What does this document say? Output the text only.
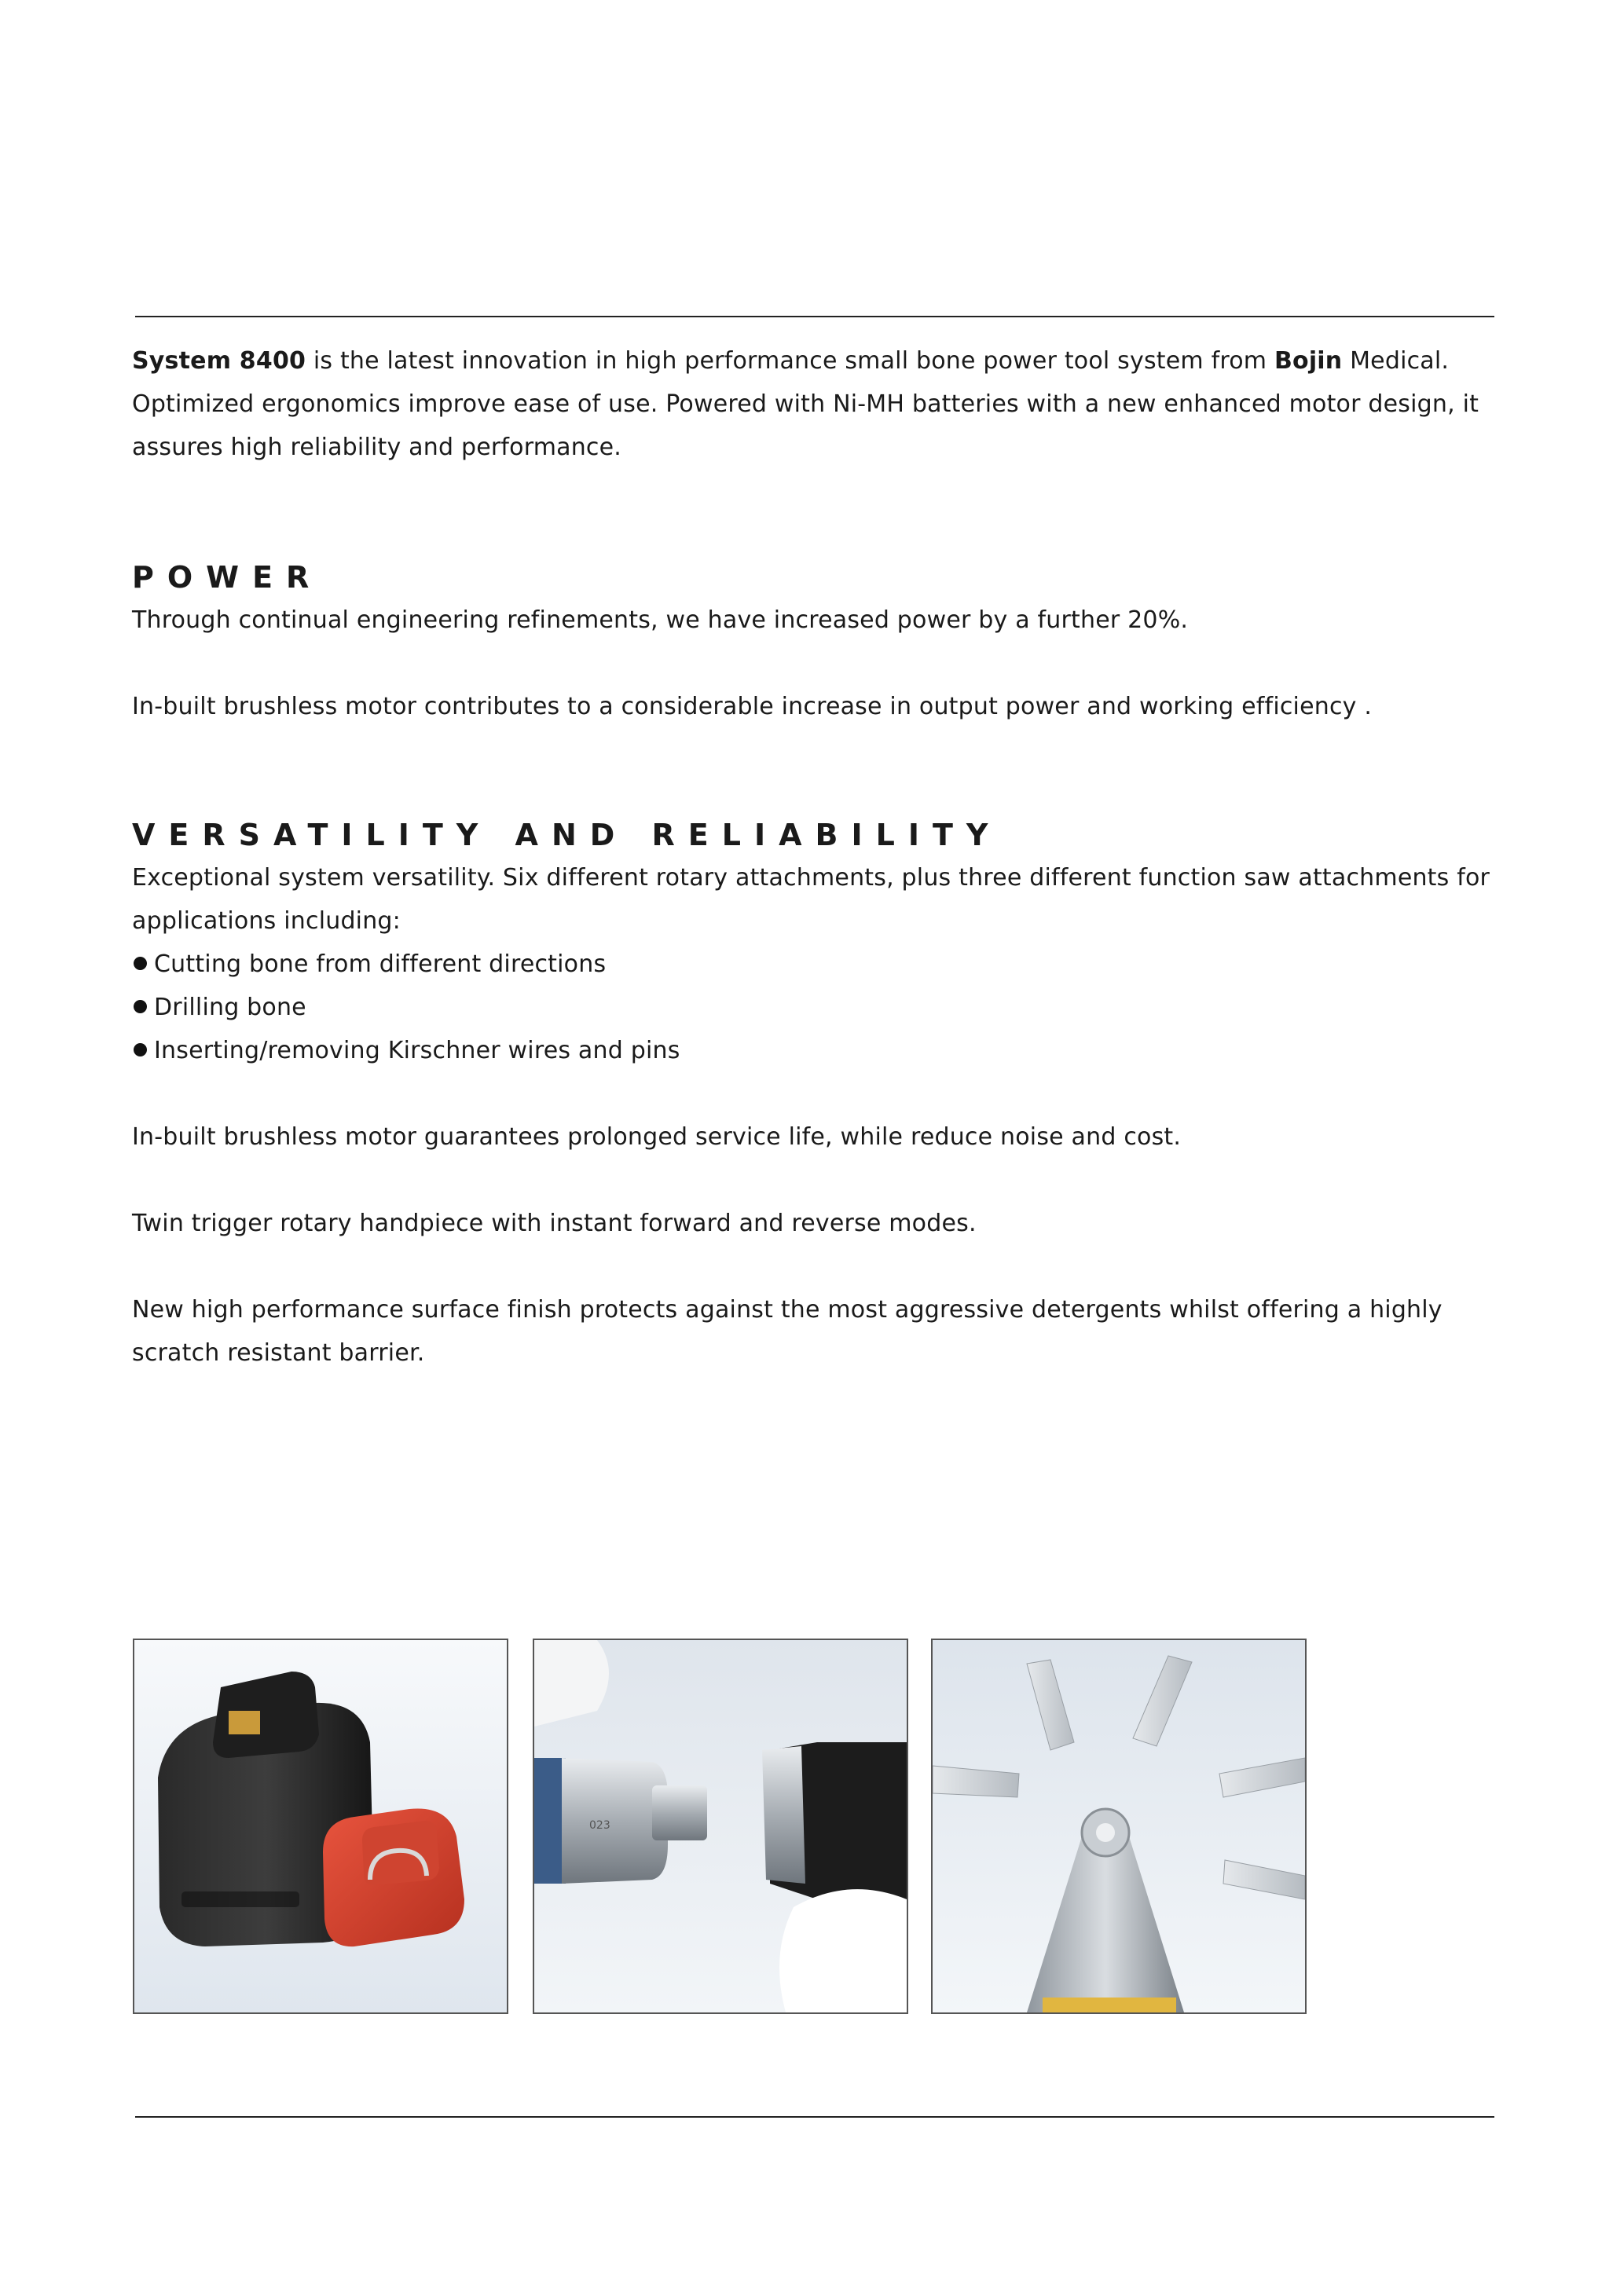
System 8400 is the latest innovation in high performance small bone power tool system from Bojin Medical. Optimized ergonomics improve ease of use. Powered with Ni-MH batteries with a new enhanced motor design, it assures high reliability and performance.

POWER

Through continual engineering refinements, we have increased power by a further 20%.

In-built brushless motor contributes to a considerable increase in output power and working efficiency .

VERSATILITY AND RELIABILITY

Exceptional system versatility. Six different rotary attachments, plus three different function saw attachments for applications including:

Cutting bone from different directions

Drilling bone

Inserting/removing Kirschner wires and pins

In-built brushless motor guarantees prolonged service life, while reduce noise and cost.

Twin trigger rotary handpiece with instant forward and reverse modes.

New high performance surface finish protects against the most aggressive detergents whilst offering a highly scratch resistant barrier.

023
